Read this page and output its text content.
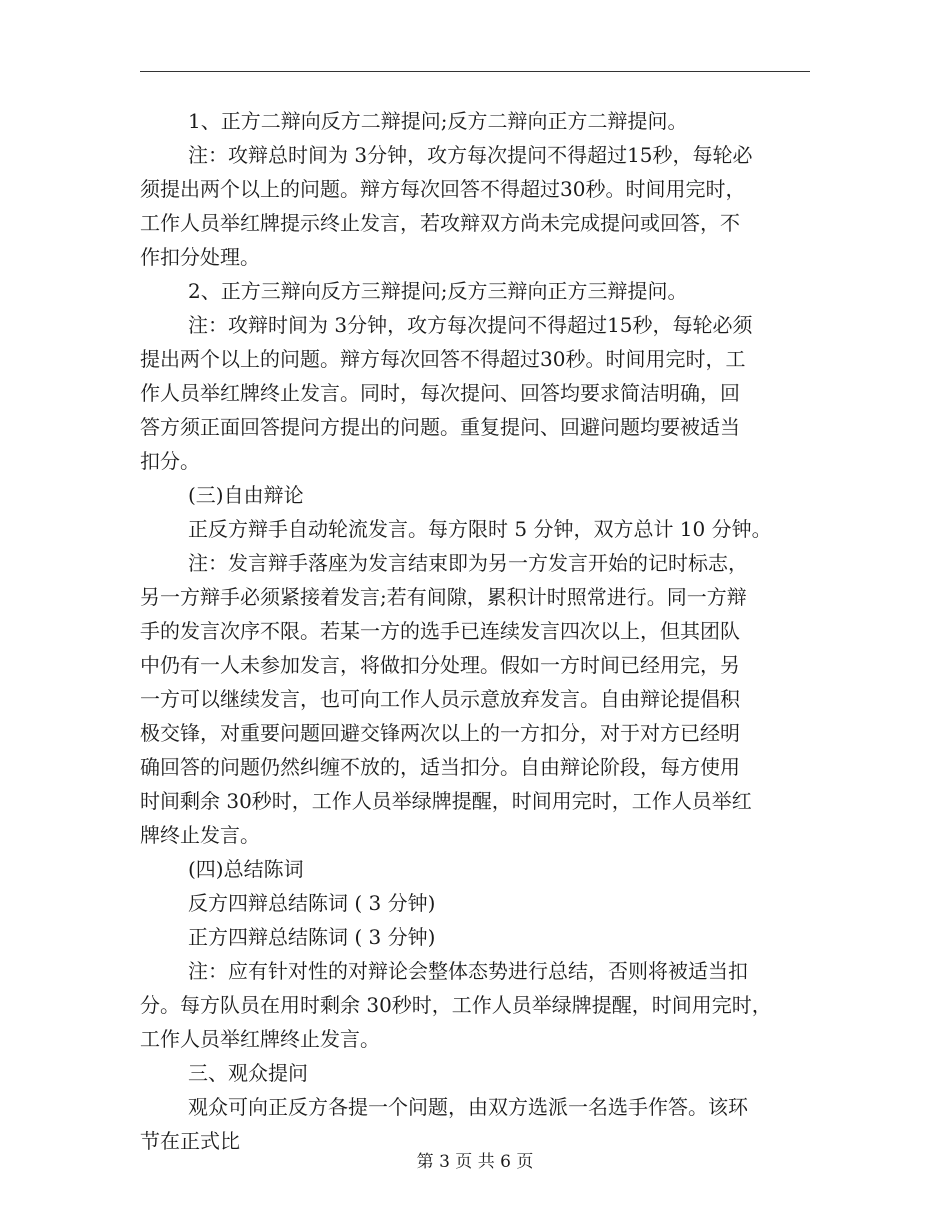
1、正方二辩向反方二辩提问;反方二辩向正方二辩提问。
注：攻辩总时间为 3分钟，攻方每次提问不得超过15秒，每轮必
须提出两个以上的问题。辩方每次回答不得超过30秒。时间用完时，
工作人员举红牌提示终止发言，若攻辩双方尚未完成提问或回答，不
作扣分处理。
2、正方三辩向反方三辩提问;反方三辩向正方三辩提问。
注：攻辩时间为 3分钟，攻方每次提问不得超过15秒，每轮必须
提出两个以上的问题。辩方每次回答不得超过30秒。时间用完时，工
作人员举红牌终止发言。同时，每次提问、回答均要求简洁明确，回
答方须正面回答提问方提出的问题。重复提问、回避问题均要被适当
扣分。
(三)自由辩论
正反方辩手自动轮流发言。每方限时 5 分钟，双方总计 10 分钟。
注：发言辩手落座为发言结束即为另一方发言开始的记时标志，
另一方辩手必须紧接着发言;若有间隙，累积计时照常进行。同一方辩
手的发言次序不限。若某一方的选手已连续发言四次以上，但其团队
中仍有一人未参加发言，将做扣分处理。假如一方时间已经用完，另
一方可以继续发言，也可向工作人员示意放弃发言。自由辩论提倡积
极交锋，对重要问题回避交锋两次以上的一方扣分，对于对方已经明
确回答的问题仍然纠缠不放的，适当扣分。自由辩论阶段，每方使用
时间剩余 30秒时，工作人员举绿牌提醒，时间用完时，工作人员举红
牌终止发言。
(四)总结陈词
反方四辩总结陈词 ( 3 分钟)
正方四辩总结陈词 ( 3 分钟)
注：应有针对性的对辩论会整体态势进行总结，否则将被适当扣
分。每方队员在用时剩余 30秒时，工作人员举绿牌提醒，时间用完时，
工作人员举红牌终止发言。
三、观众提问
观众可向正反方各提一个问题，由双方选派一名选手作答。该环
节在正式比
第 3 页 共 6 页
